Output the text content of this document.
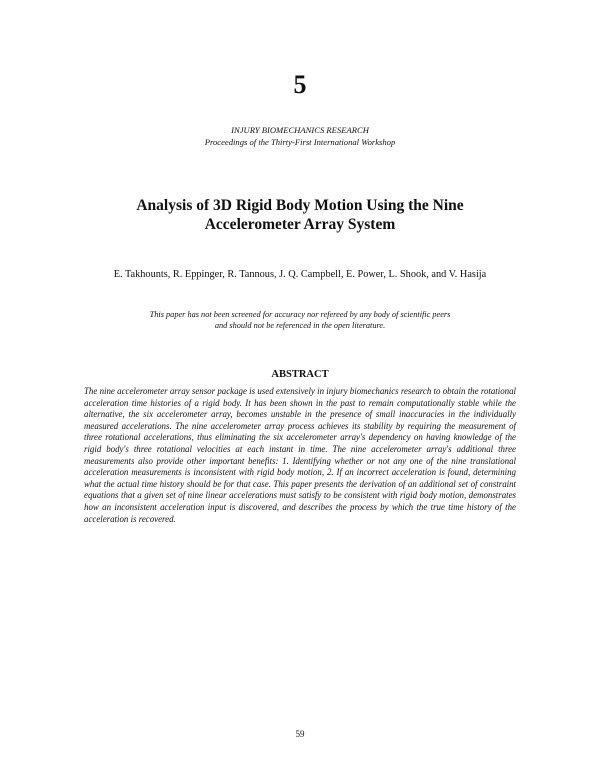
5
INJURY BIOMECHANICS RESEARCH
Proceedings of the Thirty-First International Workshop
Analysis of 3D Rigid Body Motion Using the Nine
Accelerometer Array System
E. Takhounts, R. Eppinger, R. Tannous, J. Q. Campbell, E. Power, L. Shook, and V. Hasija
This paper has not been screened for accuracy nor refereed by any body of scientific peers
and should not be referenced in the open literature.
ABSTRACT

The nine accelerometer array sensor package is used extensively in injury biomechanics research to obtain the rotational acceleration time histories of a rigid body. It has been shown in the past to remain computationally stable while the alternative, the six accelerometer array, becomes unstable in the presence of small inaccuracies in the individually measured accelerations. The nine accelerometer array process achieves its stability by requiring the measurement of three rotational accelerations, thus eliminating the six accelerometer array's dependency on having knowledge of the rigid body's three rotational velocities at each instant in time. The nine accelerometer array's additional three measurements also provide other important benefits: 1. Identifying whether or not any one of the nine translational acceleration measurements is inconsistent with rigid body motion, 2. If an incorrect acceleration is found, determining what the actual time history should be for that case. This paper presents the derivation of an additional set of constraint equations that a given set of nine linear accelerations must satisfy to be consistent with rigid body motion, demonstrates how an inconsistent acceleration input is discovered, and describes the process by which the true time history of the acceleration is recovered.

59
